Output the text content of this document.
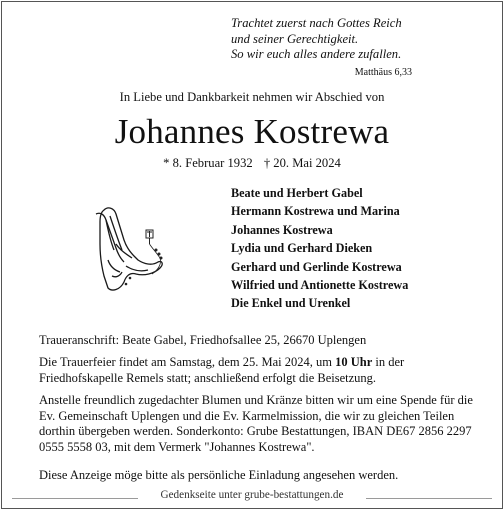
Trachtet zuerst nach Gottes Reich
und seiner Gerechtigkeit.
So wir euch alles andere zufallen.
Matthäus 6,33
In Liebe und Dankbarkeit nehmen wir Abschied von
Johannes Kostrewa
* 8. Februar 1932 † 20. Mai 2024
Beate und Herbert Gabel
Hermann Kostrewa und Marina
Johannes Kostrewa
Lydia und Gerhard Dieken
Gerhard und Gerlinde Kostrewa
Wilfried und Antionette Kostrewa
Die Enkel und Urenkel
Traueranschrift: Beate Gabel, Friedhofsallee 25, 26670 Uplengen
Die Trauerfeier findet am Samstag, dem 25. Mai 2024, um 10 Uhr in der Friedhofskapelle Remels statt; anschließend erfolgt die Beisetzung.
Anstelle freundlich zugedachter Blumen und Kränze bitten wir um eine Spende für die Ev. Gemeinschaft Uplengen und die Ev. Karmelmission, die wir zu gleichen Teilen dorthin übergeben werden. Sonderkonto: Grube Bestattungen, IBAN DE67 2856 2297 0555 5558 03, mit dem Vermerk "Johannes Kostrewa".
Diese Anzeige möge bitte als persönliche Einladung angesehen werden.
Gedenkseite unter grube-bestattungen.de
